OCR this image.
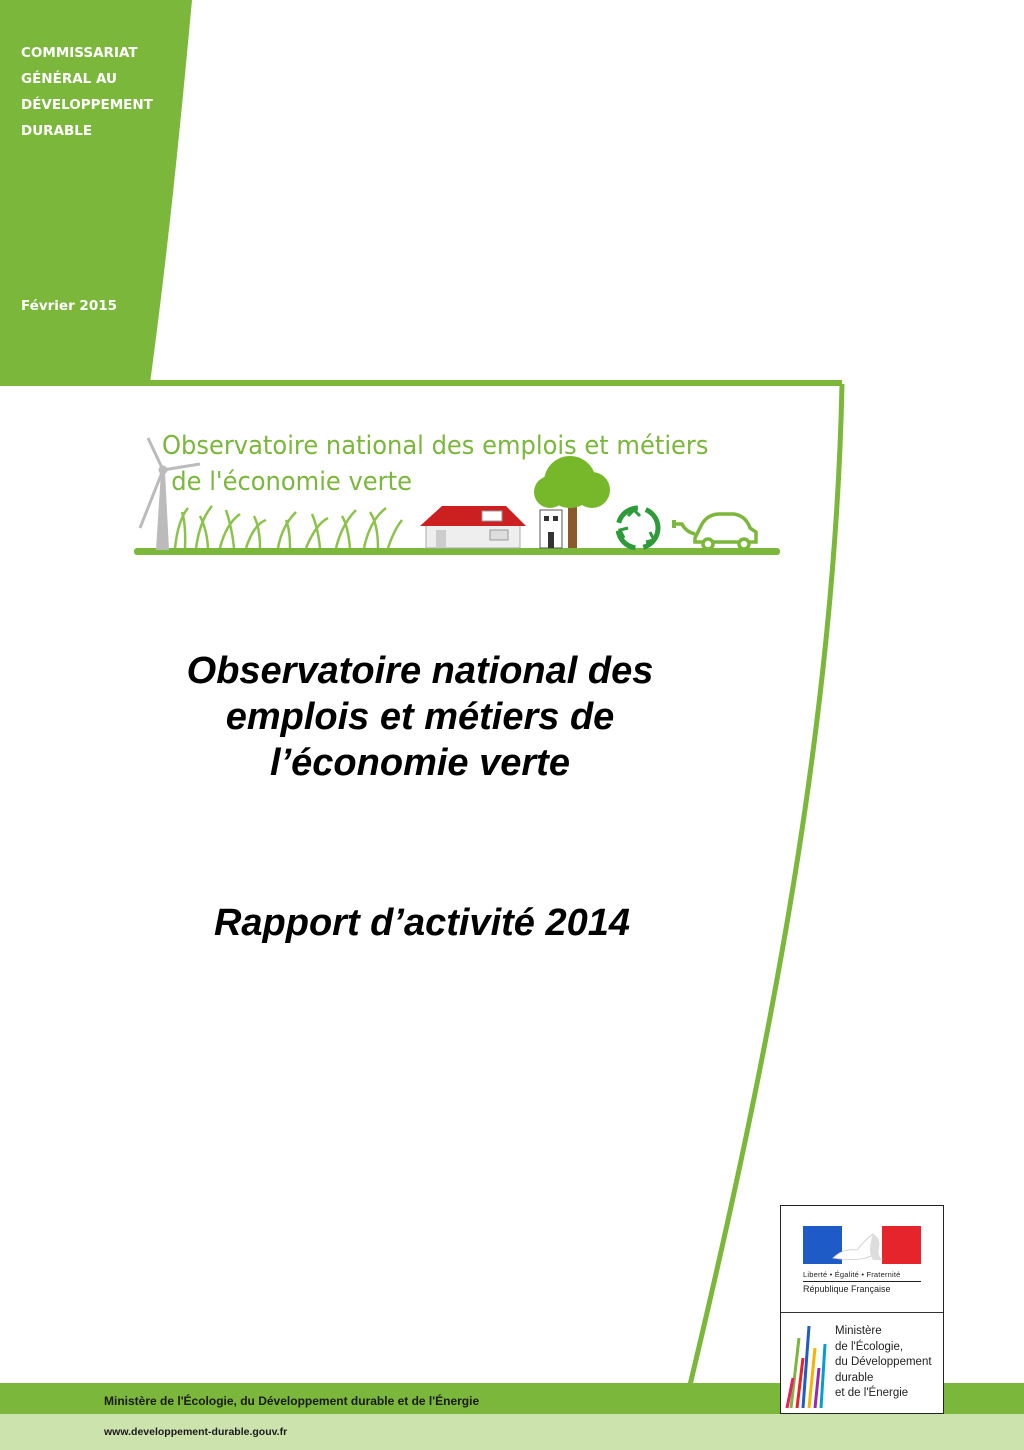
COMMISSARIAT
GÉNÉRAL AU
DÉVELOPPEMENT
DURABLE
Février 2015
Observatoire national des emplois et métiers
de l'économie verte
Observatoire national des
emplois et métiers de
l’économie verte
Rapport d’activité 2014
Ministère de l'Écologie, du Développement durable et de l'Énergie
www.developpement-durable.gouv.fr
Liberté • Égalité • Fraternité
République Française
Ministère
de l'Écologie,
du Développement
durable
et de l'Énergie
